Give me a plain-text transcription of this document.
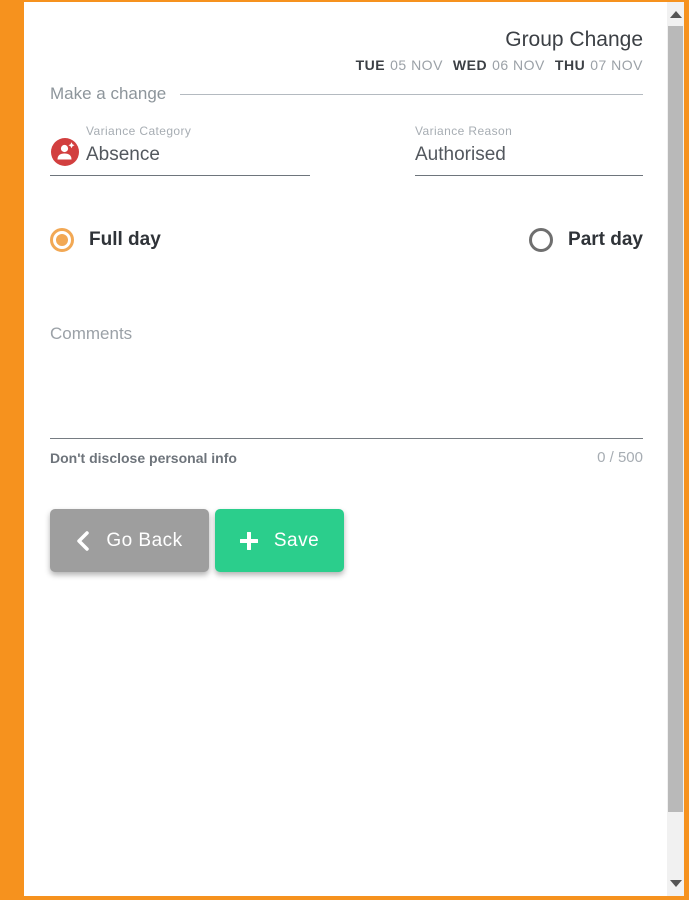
Group Change
TUE 05 NOV WED 06 NOV THU 07 NOV
Make a change
Variance Category
Absence
Variance Reason
Authorised
Full day	Part day
Comments
Don't disclose personal info	0 / 500
Go Back	Save
